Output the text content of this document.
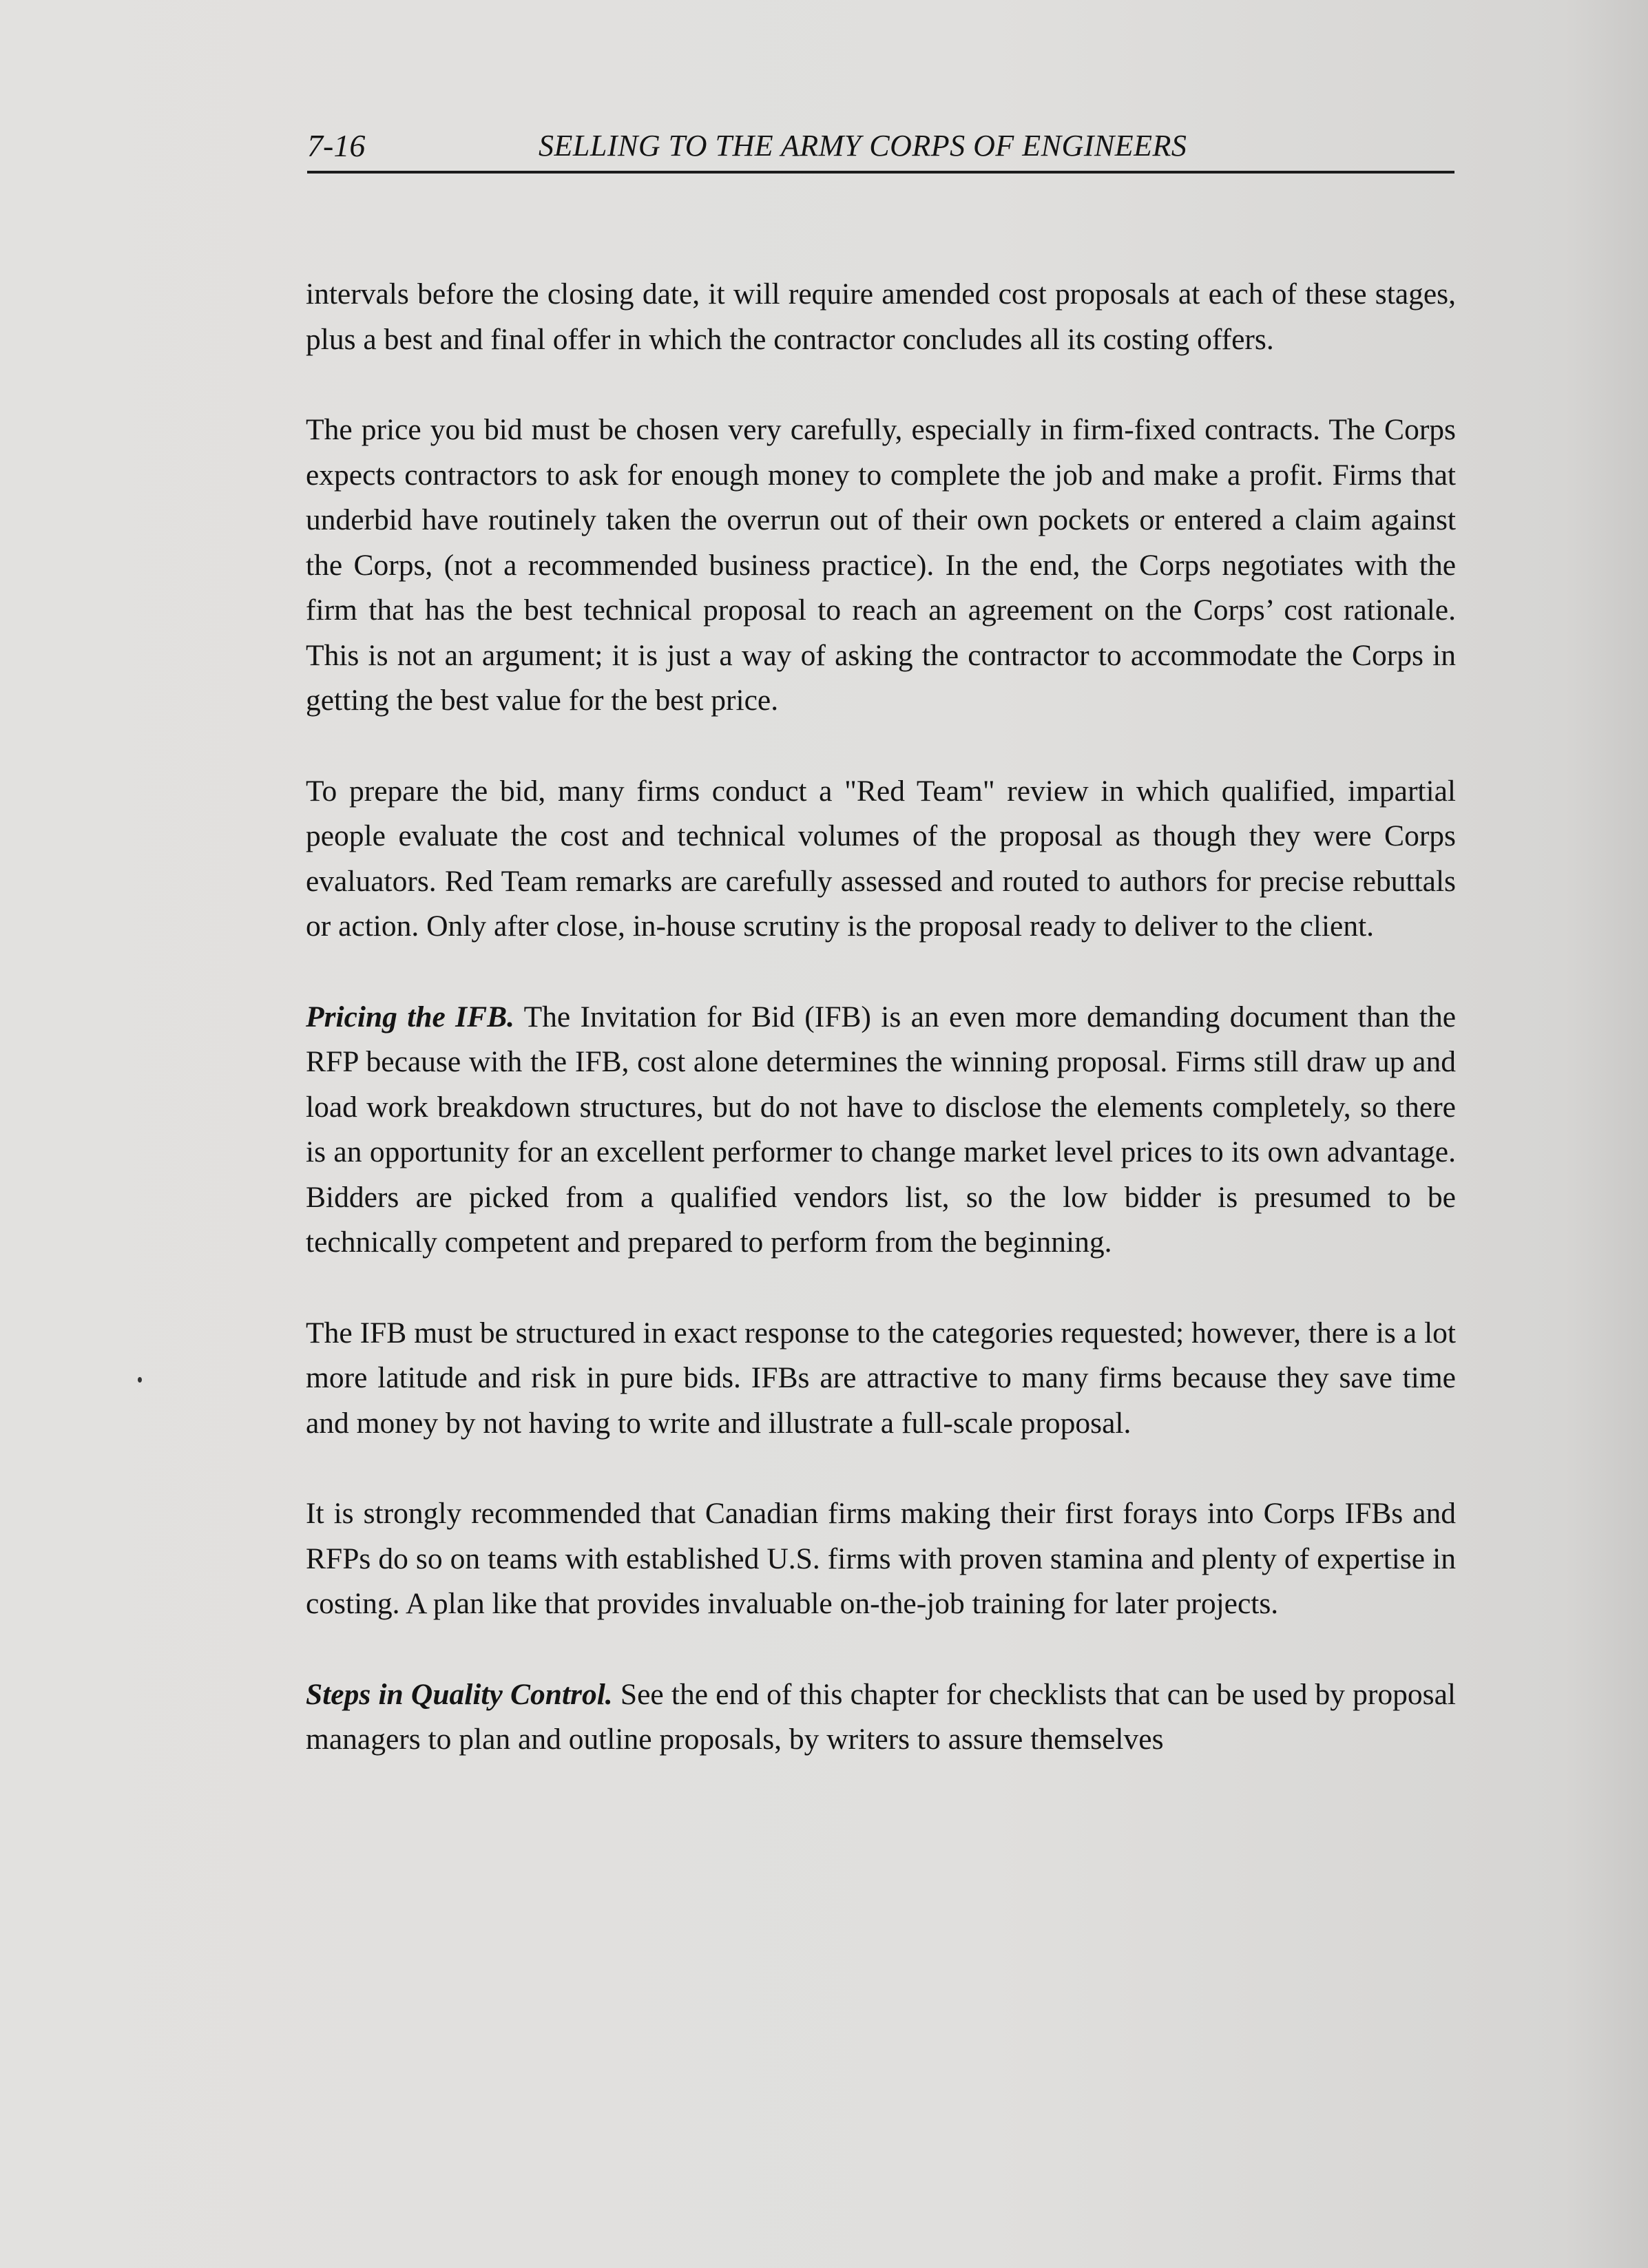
7-16	SELLING TO THE ARMY CORPS OF ENGINEERS

intervals before the closing date, it will require amended cost proposals at each of these stages, plus a best and final offer in which the contractor concludes all its costing offers.

The price you bid must be chosen very carefully, especially in firm-fixed contracts. The Corps expects contractors to ask for enough money to complete the job and make a profit. Firms that underbid have routinely taken the overrun out of their own pockets or entered a claim against the Corps, (not a recommended business practice). In the end, the Corps negotiates with the firm that has the best technical proposal to reach an agreement on the Corps’ cost rationale. This is not an argument; it is just a way of asking the contractor to accommodate the Corps in getting the best value for the best price.

To prepare the bid, many firms conduct a "Red Team" review in which qualified, impartial people evaluate the cost and technical volumes of the proposal as though they were Corps evaluators. Red Team remarks are carefully assessed and routed to authors for precise rebuttals or action. Only after close, in-house scrutiny is the proposal ready to deliver to the client.

Pricing the IFB. The Invitation for Bid (IFB) is an even more demanding document than the RFP because with the IFB, cost alone determines the winning proposal. Firms still draw up and load work breakdown structures, but do not have to disclose the elements completely, so there is an opportunity for an excellent performer to change market level prices to its own advantage. Bidders are picked from a qualified vendors list, so the low bidder is presumed to be technically competent and prepared to perform from the beginning.

The IFB must be structured in exact response to the categories requested; however, there is a lot more latitude and risk in pure bids. IFBs are attractive to many firms because they save time and money by not having to write and illustrate a full-scale proposal.

It is strongly recommended that Canadian firms making their first forays into Corps IFBs and RFPs do so on teams with established U.S. firms with proven stamina and plenty of expertise in costing. A plan like that provides invaluable on-the-job training for later projects.

Steps in Quality Control. See the end of this chapter for checklists that can be used by proposal managers to plan and outline proposals, by writers to assure themselves
